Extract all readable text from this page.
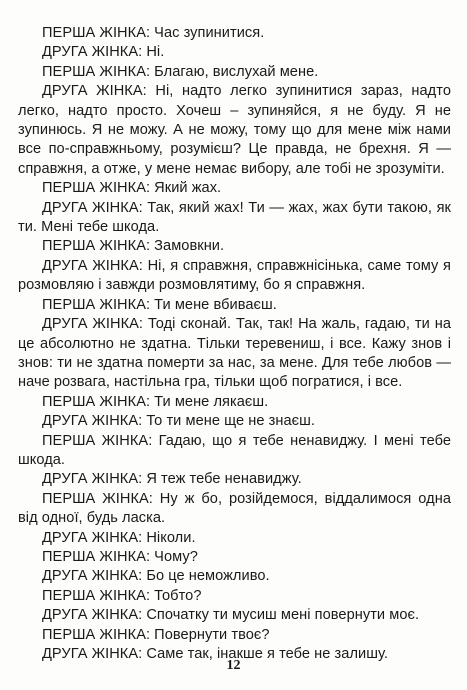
ПЕРША ЖІНКА: Час зупинитися.

ДРУГА ЖІНКА: Ні.

ПЕРША ЖІНКА: Благаю, вислухай мене.

ДРУГА ЖІНКА: Ні, надто легко зупинитися зараз, надто легко, надто просто. Хочеш – зупиняйся, я не буду. Я не зупинюсь. Я не можу. А не можу, тому що для мене між нами все по-справжньому, розумієш? Це правда, не брехня. Я — справжня, а отже, у мене немає вибору, але тобі не зрозуміти.

ПЕРША ЖІНКА: Який жах.

ДРУГА ЖІНКА: Так, який жах! Ти — жах, жах бути такою, як ти. Мені тебе шкода.

ПЕРША ЖІНКА: Замовкни.

ДРУГА ЖІНКА: Ні, я справжня, справжнісінька, саме тому я розмовляю і завжди розмовлятиму, бо я справжня.

ПЕРША ЖІНКА: Ти мене вбиваєш.

ДРУГА ЖІНКА: Тоді сконай. Так, так! На жаль, гадаю, ти на це абсолютно не здатна. Тільки теревениш, і все. Кажу знов і знов: ти не здатна померти за нас, за мене. Для тебе любов — наче розвага, настільна гра, тільки щоб погратися, і все.

ПЕРША ЖІНКА: Ти мене лякаєш.

ДРУГА ЖІНКА: То ти мене ще не знаєш.

ПЕРША ЖІНКА: Гадаю, що я тебе ненавиджу. І мені тебе шкода.

ДРУГА ЖІНКА: Я теж тебе ненавиджу.

ПЕРША ЖІНКА: Ну ж бо, розійдемося, віддалимося одна від одної, будь ласка.

ДРУГА ЖІНКА: Ніколи.

ПЕРША ЖІНКА: Чому?

ДРУГА ЖІНКА: Бо це неможливо.

ПЕРША ЖІНКА: Тобто?

ДРУГА ЖІНКА: Спочатку ти мусиш мені повернути моє.

ПЕРША ЖІНКА: Повернути твоє?

ДРУГА ЖІНКА: Саме так, інакше я тебе не залишу.

12
